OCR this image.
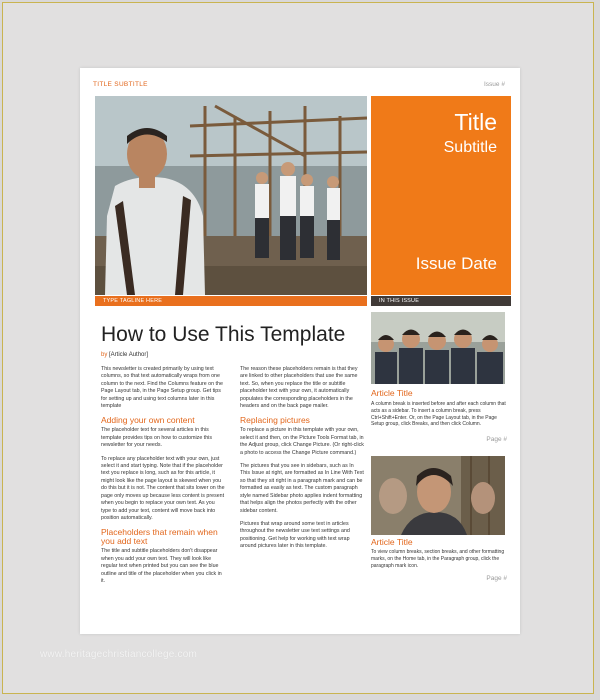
TITLE SUBTITLE	Issue #
Title
Subtitle
Issue Date
TYPE TAGLINE HERE	IN THIS ISSUE
How to Use This Template
by [Article Author]

This newsletter is created primarily by using text columns, so that text automatically wraps from one column to the next. Find the Columns feature on the Page Layout tab, in the Page Setup group. Get tips for setting up and using text columns later in this template

Adding your own content

The placeholder text for several articles in this template provides tips on how to customize this newsletter for your needs.

To replace any placeholder text with your own, just select it and start typing. Note that if the placeholder text you replace is long, such as for this article, it might look like the page layout is skewed when you do this but it is not. The content that sits lower on the page only moves up because less content is present when you begin to replace your own text. As you type to add your text, content will move back into position automatically.

Placeholders that remain when you add text

The title and subtitle placeholders don't disappear when you add your own text. They will look like regular text when printed but you can see the blue outline and title of the placeholder when you click in it.

The reason these placeholders remain is that they are linked to other placeholders that use the same text. So, when you replace the title or subtitle placeholder text with your own, it automatically populates the corresponding placeholders in the headers and on the back page mailer.

Replacing pictures

To replace a picture in this template with your own, select it and then, on the Picture Tools Format tab, in the Adjust group, click Change Picture. (Or right-click a photo to access the Change Picture command.)

The pictures that you see in sidebars, such as In This Issue at right, are formatted as In Line With Text so that they sit right in a paragraph mark and can be formatted as easily as text. The custom paragraph style named Sidebar photo applies indent formatting that helps align the photos perfectly with the other sidebar content.

Pictures that wrap around some text in articles throughout the newsletter use text settings and positioning. Get help for working with text wrap around pictures later in this template.

Article Title
A column break is inserted before and after each column that acts as a sidebar. To insert a column break, press Ctrl+Shift+Enter. Or, on the Page Layout tab, in the Page Setup group, click Breaks, and then click Column.
Page #
Article Title
To view column breaks, section breaks, and other formatting marks, on the Home tab, in the Paragraph group, click the paragraph mark icon.
Page #
www.heritagechristiancollege.com
